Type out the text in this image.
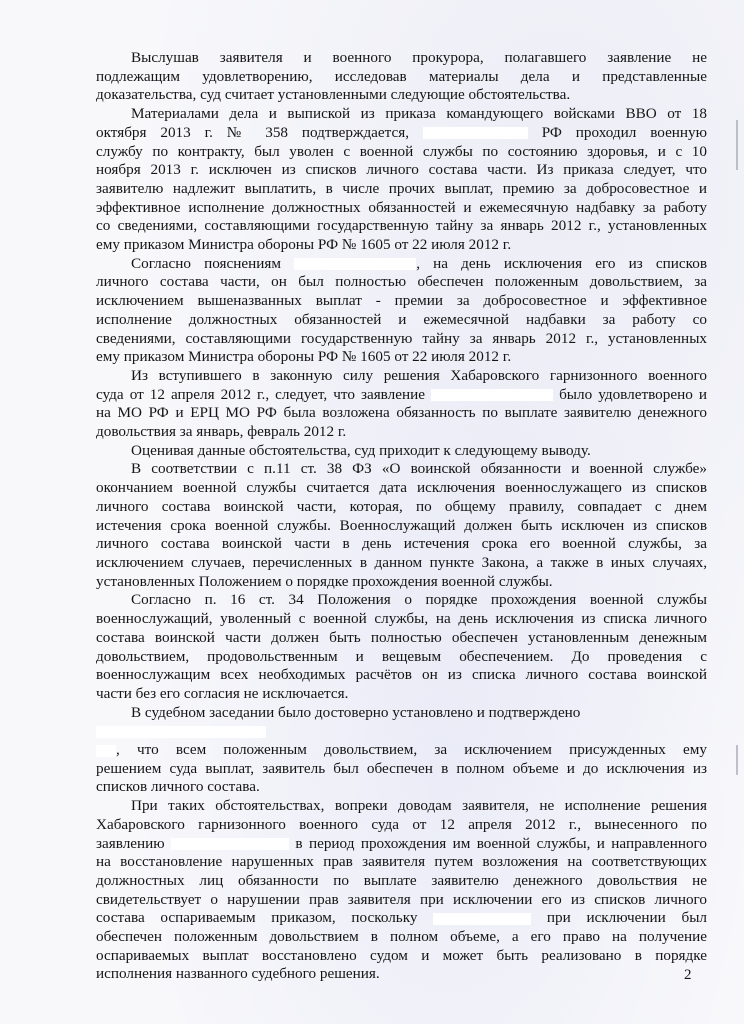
Выслушав заявителя и военного прокурора, полагавшего заявление не
подлежащим удовлетворению, исследовав материалы дела и представленные
доказательства, суд считает установленными следующие обстоятельства.
Материалами дела и выпиской из приказа командующего войсками ВВО от 18
октября 2013 г. № 358 подтверждается,	РФ проходил военную
службу по контракту, был уволен с военной службы по состоянию здоровья, и с 10
ноября 2013 г. исключен из списков личного состава части. Из приказа следует, что
заявителю надлежит выплатить, в числе прочих выплат, премию за добросовестное и
эффективное исполнение должностных обязанностей и ежемесячную надбавку за работу
со сведениями, составляющими государственную тайну за январь 2012 г., установленных
ему приказом Министра обороны РФ № 1605 от 22 июля 2012 г.
Согласно пояснениям	, на день исключения его из списков
личного состава части, он был полностью обеспечен положенным довольствием, за
исключением вышеназванных выплат - премии за добросовестное и эффективное
исполнение должностных обязанностей и ежемесячной надбавки за работу со
сведениями, составляющими государственную тайну за январь 2012 г., установленных
ему приказом Министра обороны РФ № 1605 от 22 июля 2012 г.
Из вступившего в законную силу решения Хабаровского гарнизонного военного
суда от 12 апреля 2012 г., следует, что заявление	было удовлетворено и
на МО РФ и ЕРЦ МО РФ была возложена обязанность по выплате заявителю денежного
довольствия за январь, февраль 2012 г.
Оценивая данные обстоятельства, суд приходит к следующему выводу.
В соответствии с п.11 ст. 38 ФЗ «О воинской обязанности и военной службе»
окончанием военной службы считается дата исключения военнослужащего из списков
личного состава воинской части, которая, по общему правилу, совпадает с днем
истечения срока военной службы. Военнослужащий должен быть исключен из списков
личного состава воинской части в день истечения срока его военной службы, за
исключением случаев, перечисленных в данном пункте Закона, а также в иных случаях,
установленных Положением о порядке прохождения военной службы.
Согласно п. 16 ст. 34 Положения о порядке прохождения военной службы
военнослужащий, уволенный с военной службы, на день исключения из списка личного
состава воинской части должен быть полностью обеспечен установленным денежным
довольствием, продовольственным и вещевым обеспечением. До проведения с
военнослужащим всех необходимых расчётов он из списка личного состава воинской
части без его согласия не исключается.
В судебном заседании было достоверно установлено и подтверждено
, что всем положенным довольствием, за исключением присужденных ему
решением суда выплат, заявитель был обеспечен в полном объеме и до исключения из
списков личного состава.
При таких обстоятельствах, вопреки доводам заявителя, не исполнение решения
Хабаровского гарнизонного военного суда от 12 апреля 2012 г., вынесенного по
заявлению	в период прохождения им военной службы, и направленного
на восстановление нарушенных прав заявителя путем возложения на соответствующих
должностных лиц обязанности по выплате заявителю денежного довольствия не
свидетельствует о нарушении прав заявителя при исключении его из списков личного
состава оспариваемым приказом, поскольку	при исключении был
обеспечен положенным довольствием в полном объеме, а его право на получение
оспариваемых выплат восстановлено судом и может быть реализовано в порядке
исполнения названного судебного решения.	2
